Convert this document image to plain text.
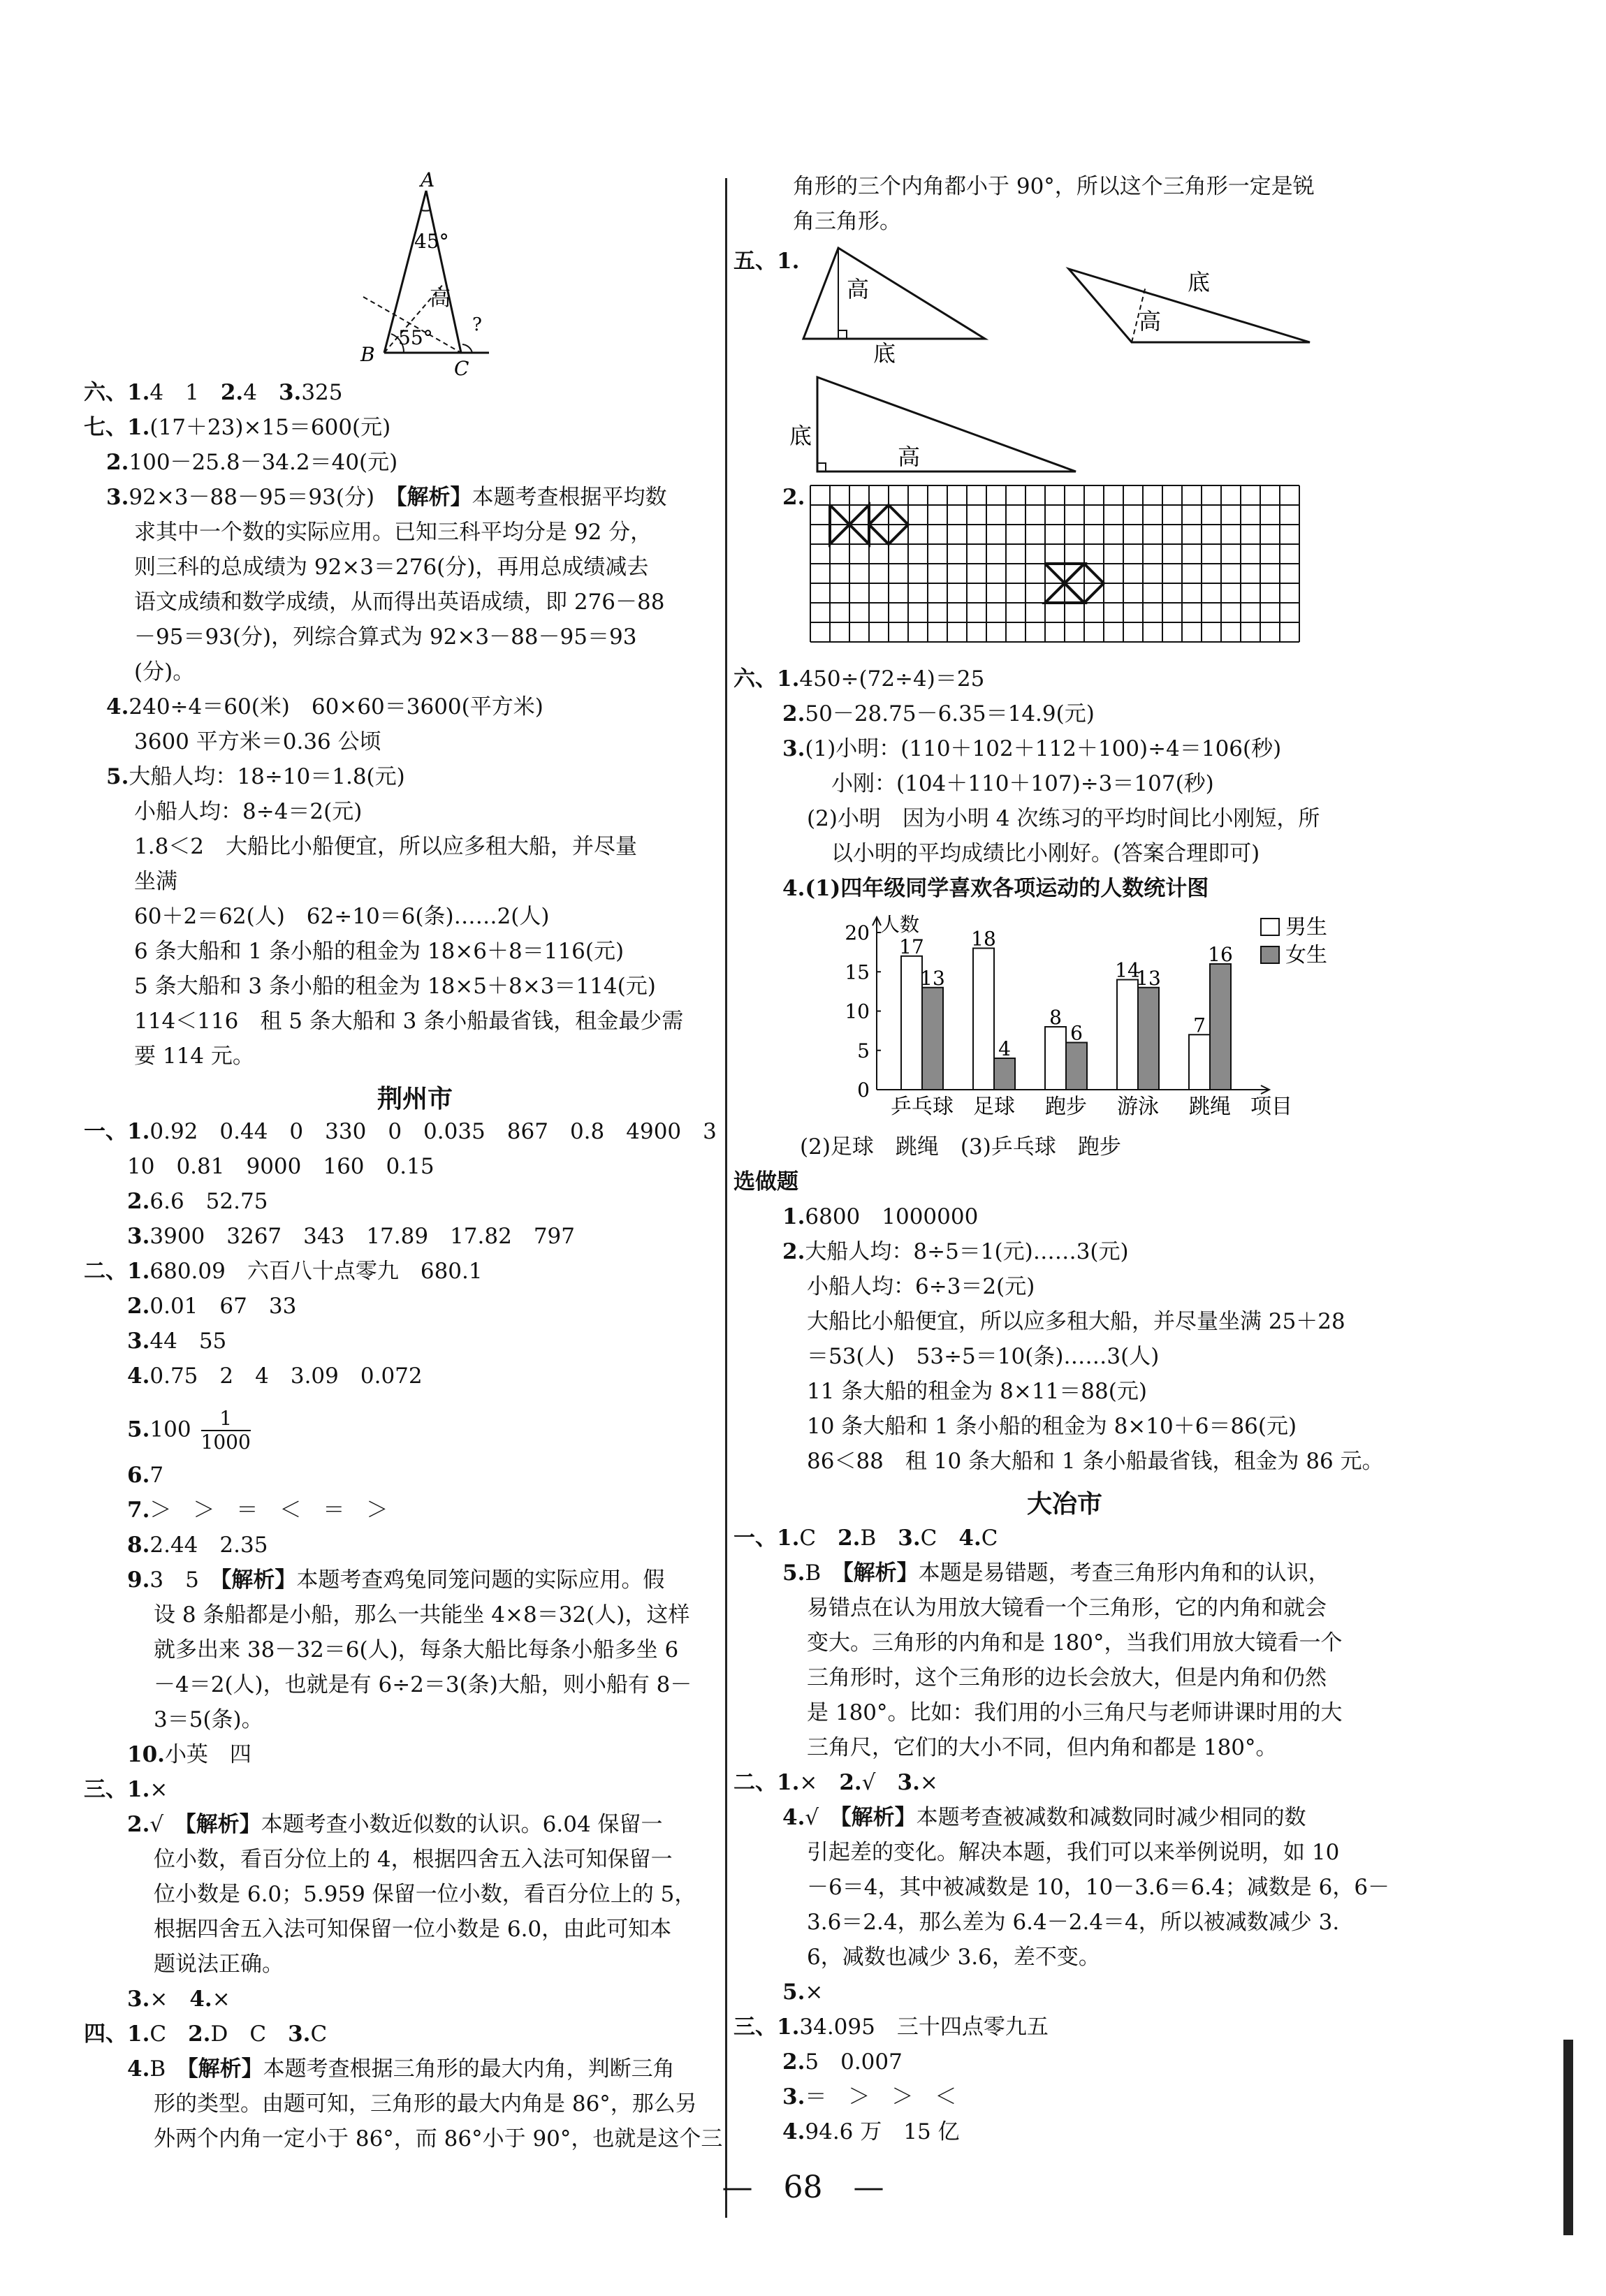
A
B
C
45°
55°
高
?
六、1.4　1　2.4　3.325
七、1.(17＋23)×15＝600(元)
2.100－25.8－34.2＝40(元)
3.92×3－88－95＝93(分)　【解析】本题考查根据平均数
求其中一个数的实际应用。已知三科平均分是 92 分，
则三科的总成绩为 92×3＝276(分)，再用总成绩减去
语文成绩和数学成绩，从而得出英语成绩，即 276－88
－95＝93(分)，列综合算式为 92×3－88－95＝93
(分)。
4.240÷4＝60(米)　60×60＝3600(平方米)
3600 平方米＝0.36 公顷
5.大船人均：18÷10＝1.8(元)
小船人均：8÷4＝2(元)
1.8＜2　大船比小船便宜，所以应多租大船，并尽量
坐满
60＋2＝62(人)　62÷10＝6(条)……2(人)
6 条大船和 1 条小船的租金为 18×6＋8＝116(元)
5 条大船和 3 条小船的租金为 18×5＋8×3＝114(元)
114＜116　租 5 条大船和 3 条小船最省钱，租金最少需
要 114 元。
荆州市
一、1.0.92　0.44　0　330　0　0.035　867　0.8　4900　3
10　0.81　9000　160　0.15
2.6.6　52.75
3.3900　3267　343　17.89　17.82　797
二、1.680.09　六百八十点零九　680.1
2.0.01　67　33
3.44　55
4.0.75　2　4　3.09　0.072
$5.100 \frac{1}{1000}$
6.7
7.＞　＞　＝　＜　＝　＞
8.2.44　2.35
9.3　5　【解析】本题考查鸡兔同笼问题的实际应用。假
设 8 条船都是小船，那么一共能坐 4×8＝32(人)，这样
就多出来 38－32＝6(人)，每条大船比每条小船多坐 6
－4＝2(人)，也就是有 6÷2＝3(条)大船，则小船有 8－
3＝5(条)。
10.小英　四
三、1.×
2.√　【解析】本题考查小数近似数的认识。6.04 保留一
位小数，看百分位上的 4，根据四舍五入法可知保留一
位小数是 6.0；5.959 保留一位小数，看百分位上的 5，
根据四舍五入法可知保留一位小数是 6.0，由此可知本
题说法正确。
3.×　4.×
四、1.C　2.D　C　3.C
4.B　【解析】本题考查根据三角形的最大内角，判断三角
形的类型。由题可知，三角形的最大内角是 86°，那么另
外两个内角一定小于 86°，而 86°小于 90°，也就是这个三
角形的三个内角都小于 90°，所以这个三角形一定是锐
角三角形。
五、1.
高
底
底
高
底
高
2.
六、1.450÷(72÷4)＝25
2.50－28.75－6.35＝14.9(元)
3.(1)小明：(110＋102＋112＋100)÷4＝106(秒)
小刚：(104＋110＋107)÷3＝107(秒)
(2)小明　因为小明 4 次练习的平均时间比小刚短，所
以小明的平均成绩比小刚好。(答案合理即可)
4.(1)四年级同学喜欢各项运动的人数统计图
人数
0
5
10
15
20
17
13
乒乓球
18
4
足球
8
6
跑步
14
13
游泳
7
16
跳绳 项目
男生
女生
(2)足球　跳绳　(3)乒乓球　跑步
选做题
1.6800　1000000
2.大船人均：8÷5＝1(元)……3(元)
小船人均：6÷3＝2(元)
大船比小船便宜，所以应多租大船，并尽量坐满 25＋28
＝53(人)　53÷5＝10(条)……3(人)
11 条大船的租金为 8×11＝88(元)
10 条大船和 1 条小船的租金为 8×10＋6＝86(元)
86＜88　租 10 条大船和 1 条小船最省钱，租金为 86 元。
大冶市
一、1.C　2.B　3.C　4.C
5.B　【解析】本题是易错题，考查三角形内角和的认识，
易错点在认为用放大镜看一个三角形，它的内角和就会
变大。三角形的内角和是 180°，当我们用放大镜看一个
三角形时，这个三角形的边长会放大，但是内角和仍然
是 180°。比如：我们用的小三角尺与老师讲课时用的大
三角尺，它们的大小不同，但内角和都是 180°。
二、1.×　2.√　3.×
4.√　【解析】本题考查被减数和减数同时减少相同的数
引起差的变化。解决本题，我们可以来举例说明，如 10
－6＝4，其中被减数是 10，10－3.6＝6.4；减数是 6，6－
3.6＝2.4，那么差为 6.4－2.4＝4，所以被减数减少 3.
6，减数也减少 3.6，差不变。
5.×
三、1.34.095　三十四点零九五
2.5　0.007
3.＝　＞　＞　＜
4.94.6 万　15 亿
—　68　—
